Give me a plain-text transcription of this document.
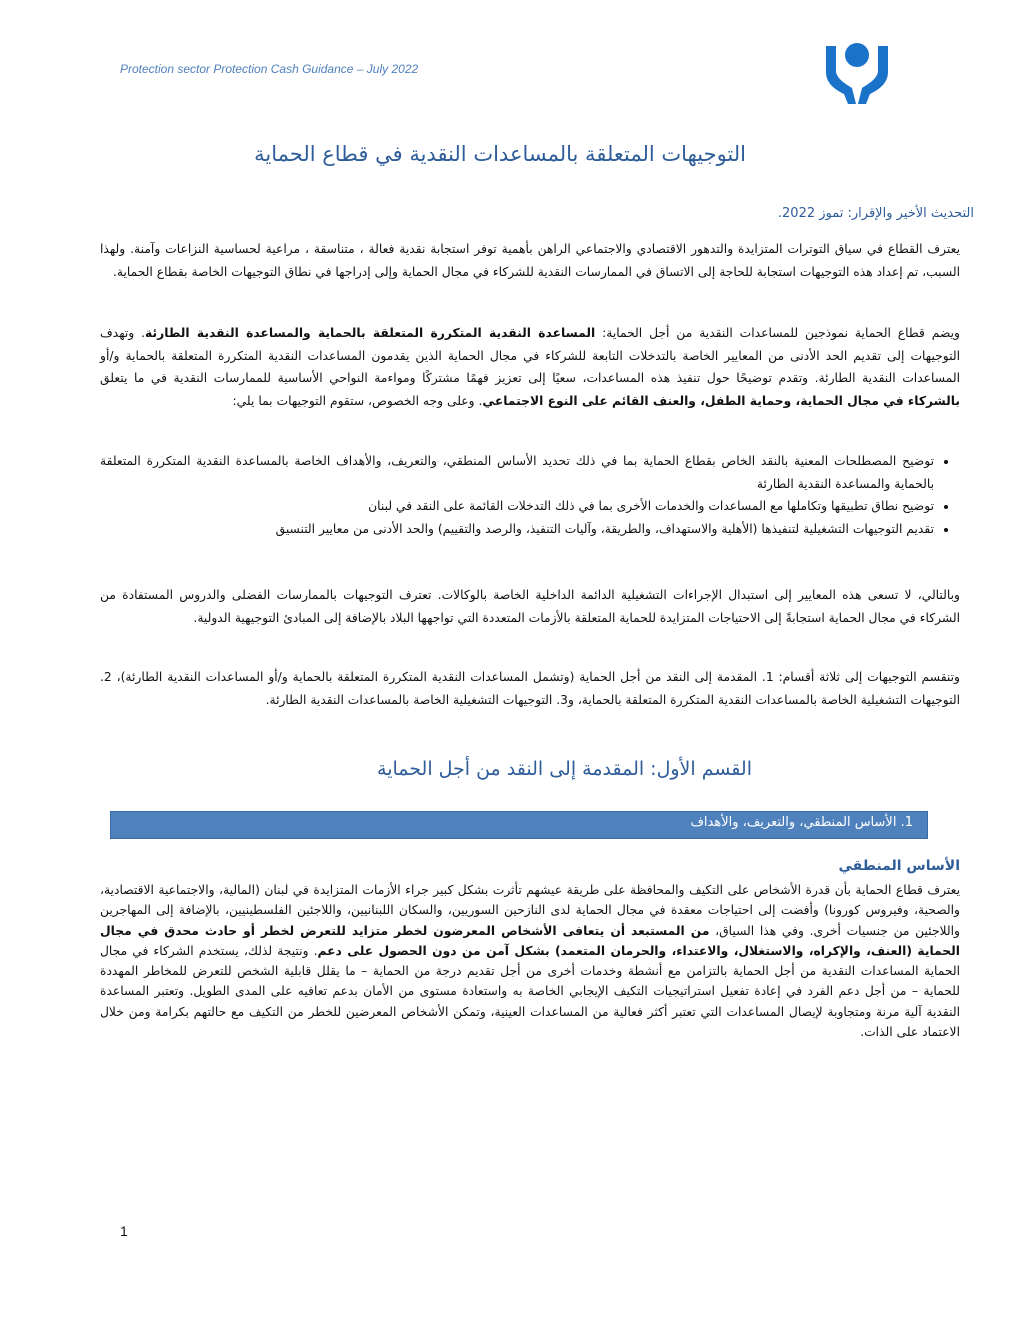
Protection sector Protection Cash Guidance – July 2022
التوجيهات المتعلقة بالمساعدات النقدية في قطاع الحماية
التحديث الأخير والإقرار: تموز 2022.
يعترف القطاع في سياق التوترات المتزايدة والتدهور الاقتصادي والاجتماعي الراهن بأهمية توفر استجابة نقدية فعالة ، متناسقة ، مراعية لحساسية النزاعات وآمنة. ولهذا السبب، تم إعداد هذه التوجيهات استجابة للحاجة إلى الاتساق في الممارسات النقدية للشركاء في مجال الحماية وإلى إدراجها في نطاق التوجيهات الخاصة بقطاع الحماية.
ويضم قطاع الحماية نموذجين للمساعدات النقدية من أجل الحماية: المساعدة النقدية المتكررة المتعلقة بالحماية والمساعدة النقدية الطارئة. وتهدف التوجيهات إلى تقديم الحد الأدنى من المعايير الخاصة بالتدخلات التابعة للشركاء في مجال الحماية الذين يقدمون المساعدات النقدية المتكررة المتعلقة بالحماية و/أو المساعدات النقدية الطارئة. وتقدم توضيحًا حول تنفيذ هذه المساعدات، سعيًا إلى تعزيز فهمًا مشتركًا ومواءمة النواحي الأساسية للممارسات النقدية في ما يتعلق بالشركاء في مجال الحماية، وحماية الطفل، والعنف القائم على النوع الاجتماعي. وعلى وجه الخصوص، ستقوم التوجيهات بما يلي:
• توضيح المصطلحات المعنية بالنقد الخاص بقطاع الحماية بما في ذلك تحديد الأساس المنطقي، والتعريف، والأهداف الخاصة بالمساعدة النقدية المتكررة المتعلقة بالحماية والمساعدة النقدية الطارئة
• توضيح نطاق تطبيقها وتكاملها مع المساعدات والخدمات الأخرى بما في ذلك التدخلات القائمة على النقد في لبنان
• تقديم التوجيهات التشغيلية لتنفيذها (الأهلية والاستهداف، والطريقة، وآليات التنفيذ، والرصد والتقييم) والحد الأدنى من معايير التنسيق
وبالتالي، لا تسعى هذه المعايير إلى استبدال الإجراءات التشغيلية الدائمة الداخلية الخاصة بالوكالات. تعترف التوجيهات بالممارسات الفضلى والدروس المستفادة من الشركاء في مجال الحماية استجابةً إلى الاحتياجات المتزايدة للحماية المتعلقة بالأزمات المتعددة التي تواجهها البلاد بالإضافة إلى المبادئ التوجيهية الدولية.
وتنقسم التوجيهات إلى ثلاثة أقسام: 1. المقدمة إلى النقد من أجل الحماية (وتشمل المساعدات النقدية المتكررة المتعلقة بالحماية و/أو المساعدات النقدية الطارئة)، 2. التوجيهات التشغيلية الخاصة بالمساعدات النقدية المتكررة المتعلقة بالحماية، و3. التوجيهات التشغيلية الخاصة بالمساعدات النقدية الطارئة.
القسم الأول: المقدمة إلى النقد من أجل الحماية
1. الأساس المنطقي، والتعريف، والأهداف
الأساس المنطقي
يعترف قطاع الحماية بأن قدرة الأشخاص على التكيف والمحافظة على طريقة عيشهم تأثرت بشكل كبير جراء الأزمات المتزايدة في لبنان (المالية، والاجتماعية الاقتصادية، والصحية، وفيروس كورونا) وأفضت إلى احتياجات معقدة في مجال الحماية لدى النازحين السوريين، والسكان اللبنانيين، واللاجئين الفلسطينيين، بالإضافة إلى المهاجرين واللاجئين من جنسيات أخرى. وفي هذا السياق، من المستبعد أن يتعافى الأشخاص المعرضون لخطر متزايد للتعرض لخطر أو حادث محدق في مجال الحماية (العنف، والإكراه، والاستغلال، والاعتداء، والحرمان المتعمد) بشكل آمن من دون الحصول على دعم. ونتيجة لذلك، يستخدم الشركاء في مجال الحماية المساعدات النقدية من أجل الحماية بالتزامن مع أنشطة وخدمات أخرى من أجل تقديم درجة من الحماية – ما يقلل قابلية الشخص للتعرض للمخاطر المهددة للحماية – من أجل دعم الفرد في إعادة تفعيل استراتيجيات التكيف الإيجابي الخاصة به واستعادة مستوى من الأمان بدعم تعافيه على المدى الطويل. وتعتبر المساعدة النقدية آلية مرنة ومتجاوبة لإيصال المساعدات التي تعتبر أكثر فعالية من المساعدات العينية، وتمكن الأشخاص المعرضين للخطر من التكيف مع حالتهم بكرامة ومن خلال الاعتماد على الذات.
1
